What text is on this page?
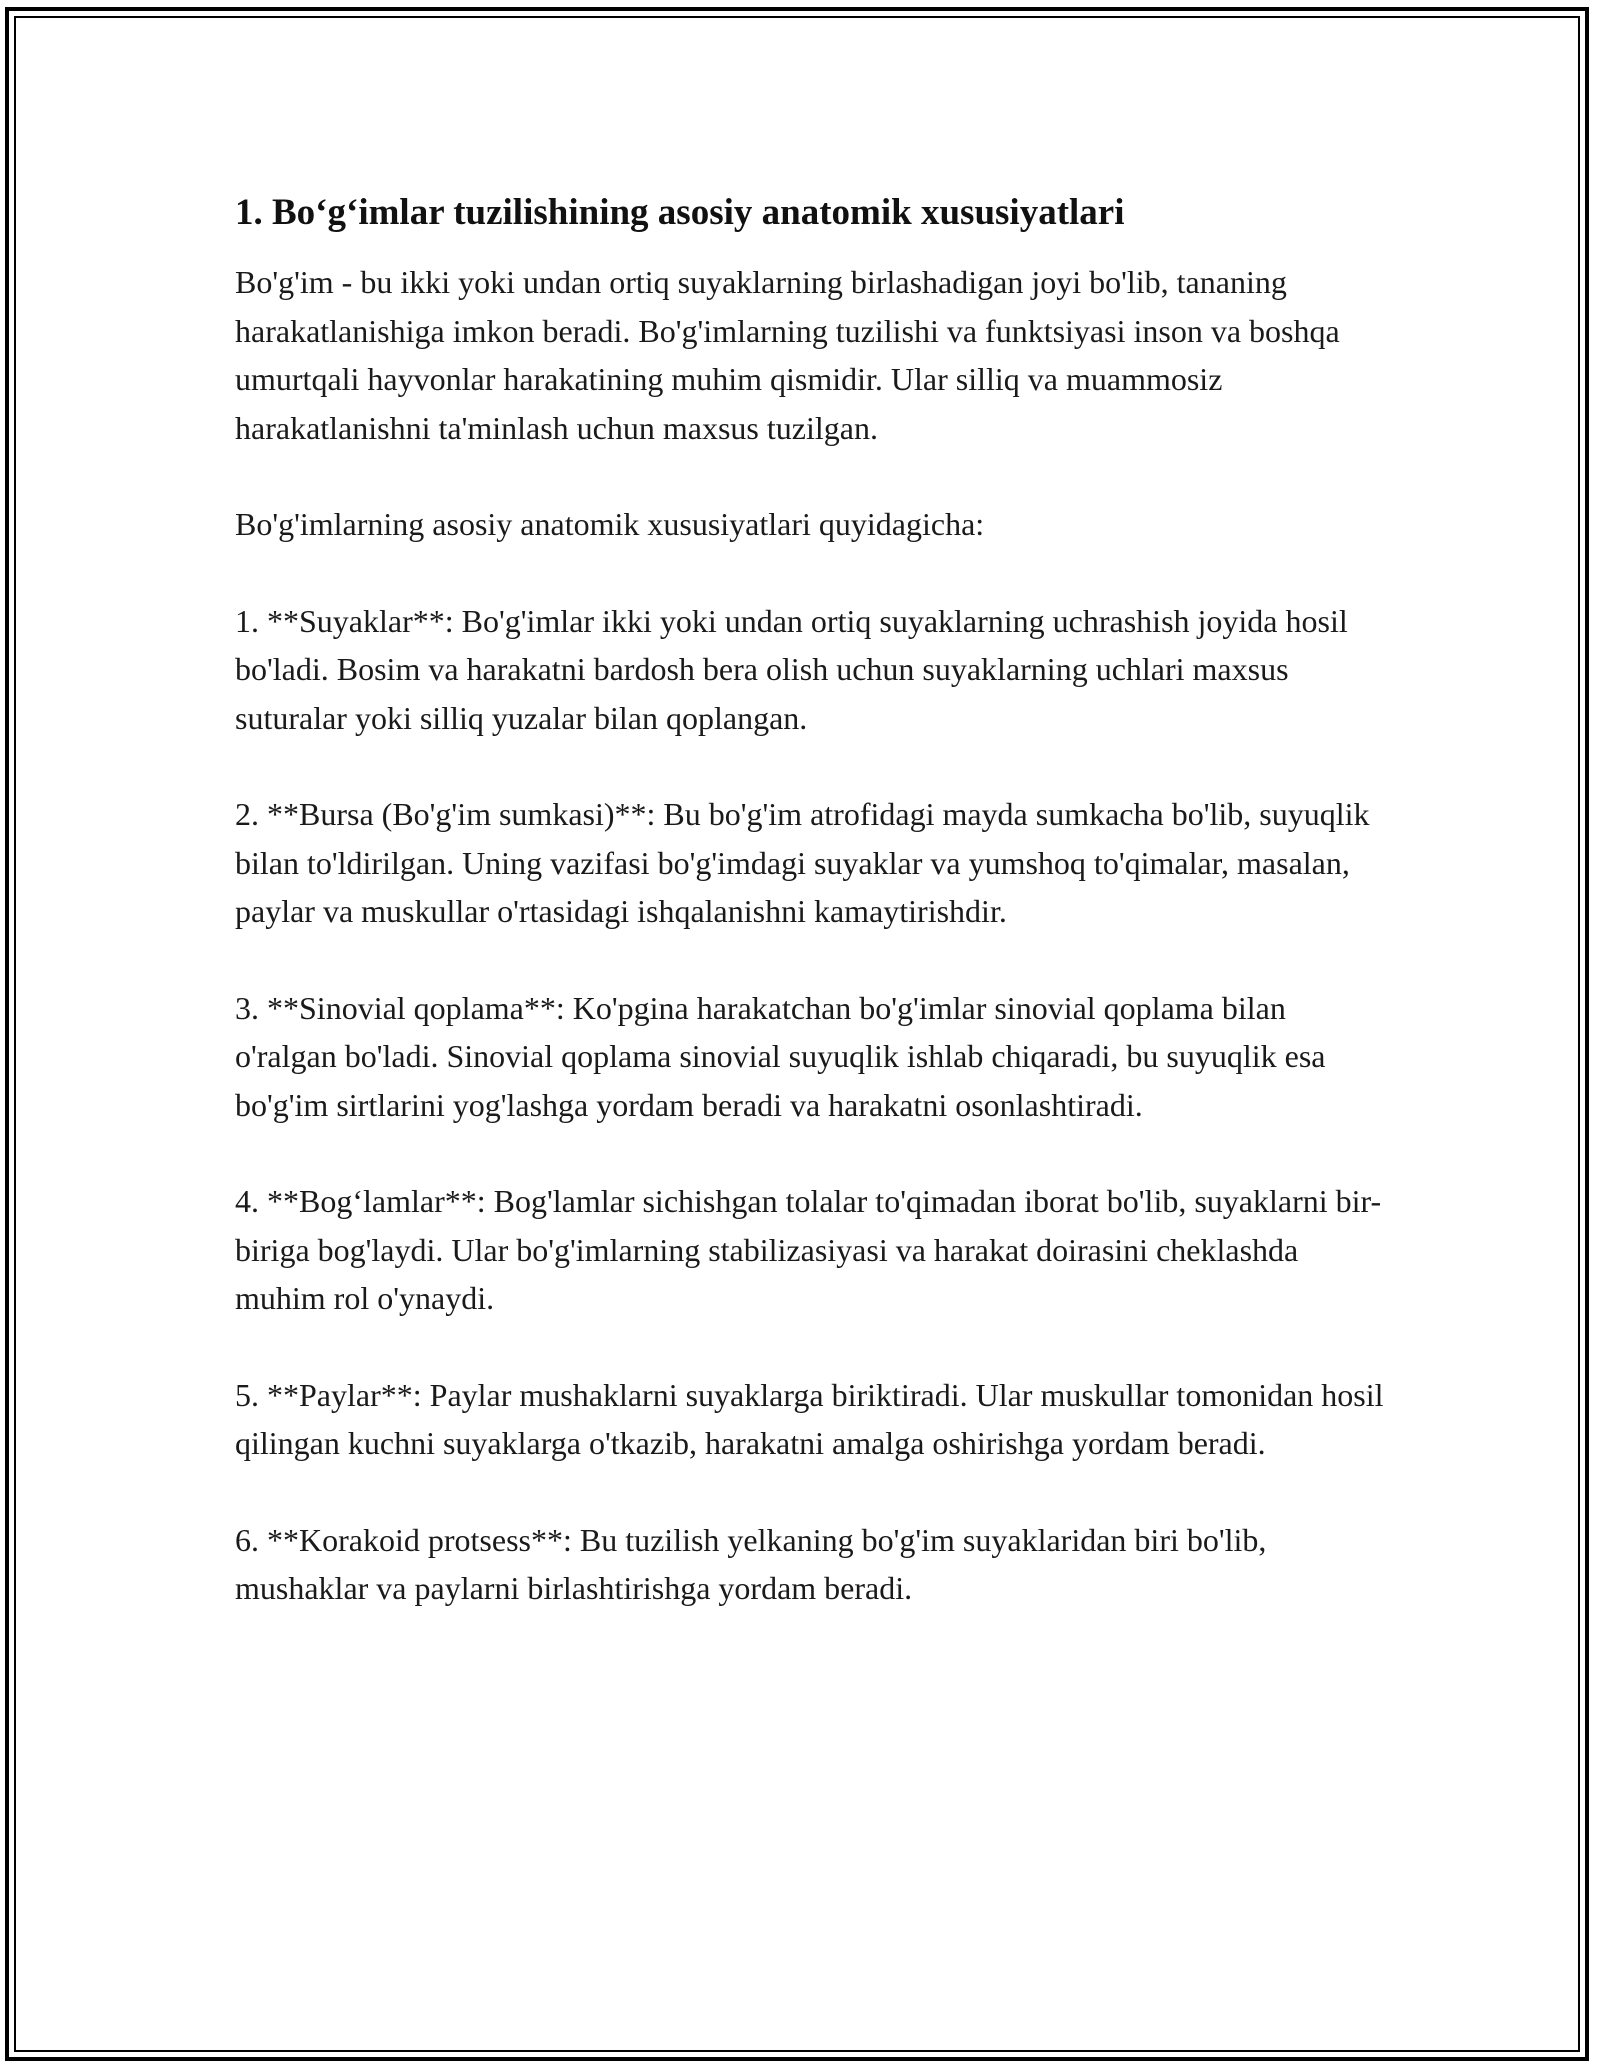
1. Bo‘g‘imlar tuzilishining asosiy anatomik xususiyatlari

Bo'g'im - bu ikki yoki undan ortiq suyaklarning birlashadigan joyi bo'lib, tananing harakatlanishiga imkon beradi. Bo'g'imlarning tuzilishi va funktsiyasi inson va boshqa umurtqali hayvonlar harakatining muhim qismidir. Ular silliq va muammosiz harakatlanishni ta'minlash uchun maxsus tuzilgan.

Bo'g'imlarning asosiy anatomik xususiyatlari quyidagicha:

1. **Suyaklar**: Bo'g'imlar ikki yoki undan ortiq suyaklarning uchrashish joyida hosil bo'ladi. Bosim va harakatni bardosh bera olish uchun suyaklarning uchlari maxsus suturalar yoki silliq yuzalar bilan qoplangan.

2. **Bursa (Bo'g'im sumkasi)**: Bu bo'g'im atrofidagi mayda sumkacha bo'lib, suyuqlik bilan to'ldirilgan. Uning vazifasi bo'g'imdagi suyaklar va yumshoq to'qimalar, masalan, paylar va muskullar o'rtasidagi ishqalanishni kamaytirishdir.

3. **Sinovial qoplama**: Ko'pgina harakatchan bo'g'imlar sinovial qoplama bilan o'ralgan bo'ladi. Sinovial qoplama sinovial suyuqlik ishlab chiqaradi, bu suyuqlik esa bo'g'im sirtlarini yog'lashga yordam beradi va harakatni osonlashtiradi.

4. **Bog‘lamlar**: Bog'lamlar sichishgan tolalar to'qimadan iborat bo'lib, suyaklarni bir-biriga bog'laydi. Ular bo'g'imlarning stabilizasiyasi va harakat doirasini cheklashda muhim rol o'ynaydi.

5. **Paylar**: Paylar mushaklarni suyaklarga biriktiradi. Ular muskullar tomonidan hosil qilingan kuchni suyaklarga o'tkazib, harakatni amalga oshirishga yordam beradi.

6. **Korakoid protsess**: Bu tuzilish yelkaning bo'g'im suyaklaridan biri bo'lib, mushaklar va paylarni birlashtirishga yordam beradi.
